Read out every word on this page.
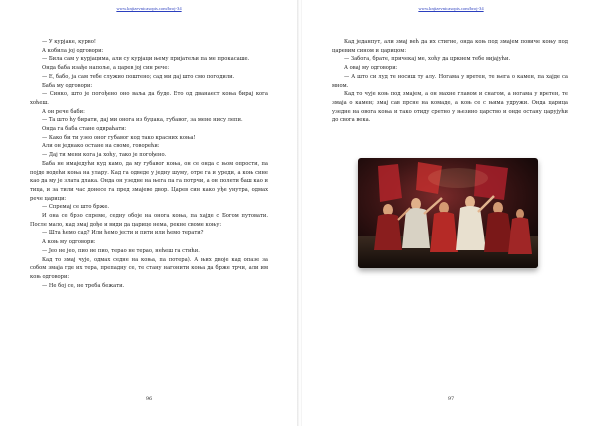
www.knjizevnicasopis.com/broj-34

— У курјаке, курво!

А кобила јој одговори:

— Била сам у курјацима, али су курјаци њему пријатељи па ме прокасаше.

Онда баба изађе напоље, а царев јој син рече:

— Е, бабо, ја сам тебе служио поштено; сад ми дај што смо погодили.

Баба му одговори:

— Синко, што је погођено оно ваља да буде. Ето од дванаест коња бирај кога хоћеш.

А он рече баби:

— Та што ћу бирати, дај ми онога из буџака, губавог, за мене нису лепи.

Онда га баба стане одвраћати:

— Како би ти узео оног губавог код тако красних коња!

Али он једнако остане на своме, говорећи:

— Дај ти мени кога ја хоћу, тако је погођено.

Баба не имаједући куд камо, да му губавог коња, он се онда с њом опрости, па појде водећи коња на улару. Кад га одведе у једну шуму, отре га и уреди, а коњ сине као да му је злата длака. Онда он узедне на њега па га потрчи, а он полети баш као и тица, и за тили час донесе га пред змајеве двор. Царев син како уђе унутра, одмах рече царици:

— Спремај се што брже.

И она се брзо спреме, седну обоје на онога коња, па хајде с Богом путовати. После мало, кад змај дође и види да царице нема, рекне своме коњу:

— Шта ћемо сад? Или ћемо јести и пити или ћемо терати?

А коњ му одговори:

— Јео не јео, пио не пио, терао не терао, нећеш га стићи.

Кад то змај чује, одмах седне на коња, па потера). А њих двоје кад опазе за собом змаја где их тера, препадну се, те стану нагонити коња да брже трчи, али им коњ одговори:

— Не бој се, не треба бежати.

96
www.knjizevnicasopis.com/broj-34

Кад једанпут, али змај већ да их стигне, онда коњ под змајем повиче коњу под царевим сином и царицом:

— Забога, брате, причекај ме, хоћу да цркнем тебе вијајући.

А овај му одговори:

— А што си луд те носиш ту алу. Ногама у вретен, те њега о камен, па хајде са мном.

Кад то чује коњ под змајем, а он махне главом и снагом, а ногама у вретен, те змаја о камен; змај сав прсне на комаде, а коњ се с њима удружи. Онда царица узедне на овога коња и тако отиду сретно у њезино царство и онде остану царујући до свога века.

97
